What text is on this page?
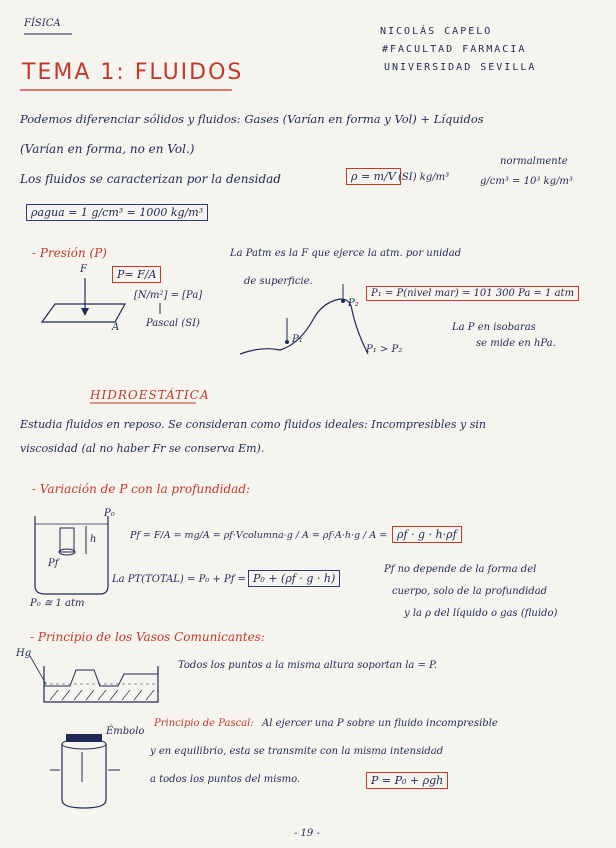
FÍSICA
NICOLÁS CAPELO
#FACULTAD FARMACIA
UNIVERSIDAD SEVILLA
TEMA 1: FLUIDOS
Podemos diferenciar sólidos y fluidos: Gases (Varían en forma y Vol) + Líquidos
(Varían en forma, no en Vol.)
Los fluidos se caracterizan por la densidad	ρ = m/V (SI) kg/m³
normalmente
g/cm³ = 10³ kg/m³
ρagua = 1 g/cm³ = 1000 kg/m³
- Presión (P)
F
A
P= F/A
[N/m²] = [Pa]
Pascal (SI)
La Patm es la F que ejerce la atm. por unidad
de superficie.
P₁
P₂
P₁ > P₂
P₁ = P(nivel mar) = 101 300 Pa = 1 atm
La P en isobaras
se mide en hPa.
HIDROESTÁTICA
Estudia fluidos en reposo. Se consideran como fluidos ideales: Incompresibles y sin
viscosidad (al no haber Fr se conserva Em).
- Variación de P con la profundidad:
P₀
h
Pf
P₀ ≅ 1 atm
Pf = F/A = mg/A = ρf·Vcolumna·g / A = ρf·A·h·g / A = ρf · g · h·ρf
La PT(TOTAL) = P₀ + Pf = P₀ + (ρf · g · h)
Pf no depende de la forma del
cuerpo, solo de la profundidad
y la ρ del líquido o gas (fluido)
- Principio de los Vasos Comunicantes:
Hg
Todos los puntos a la misma altura soportan la = P.
Émbolo
Principio de Pascal: Al ejercer una P sobre un fluido incompresible
y en equilibrio, esta se transmite con la misma intensidad
a todos los puntos del mismo.	P = P₀ + ρgh
- 19 -
